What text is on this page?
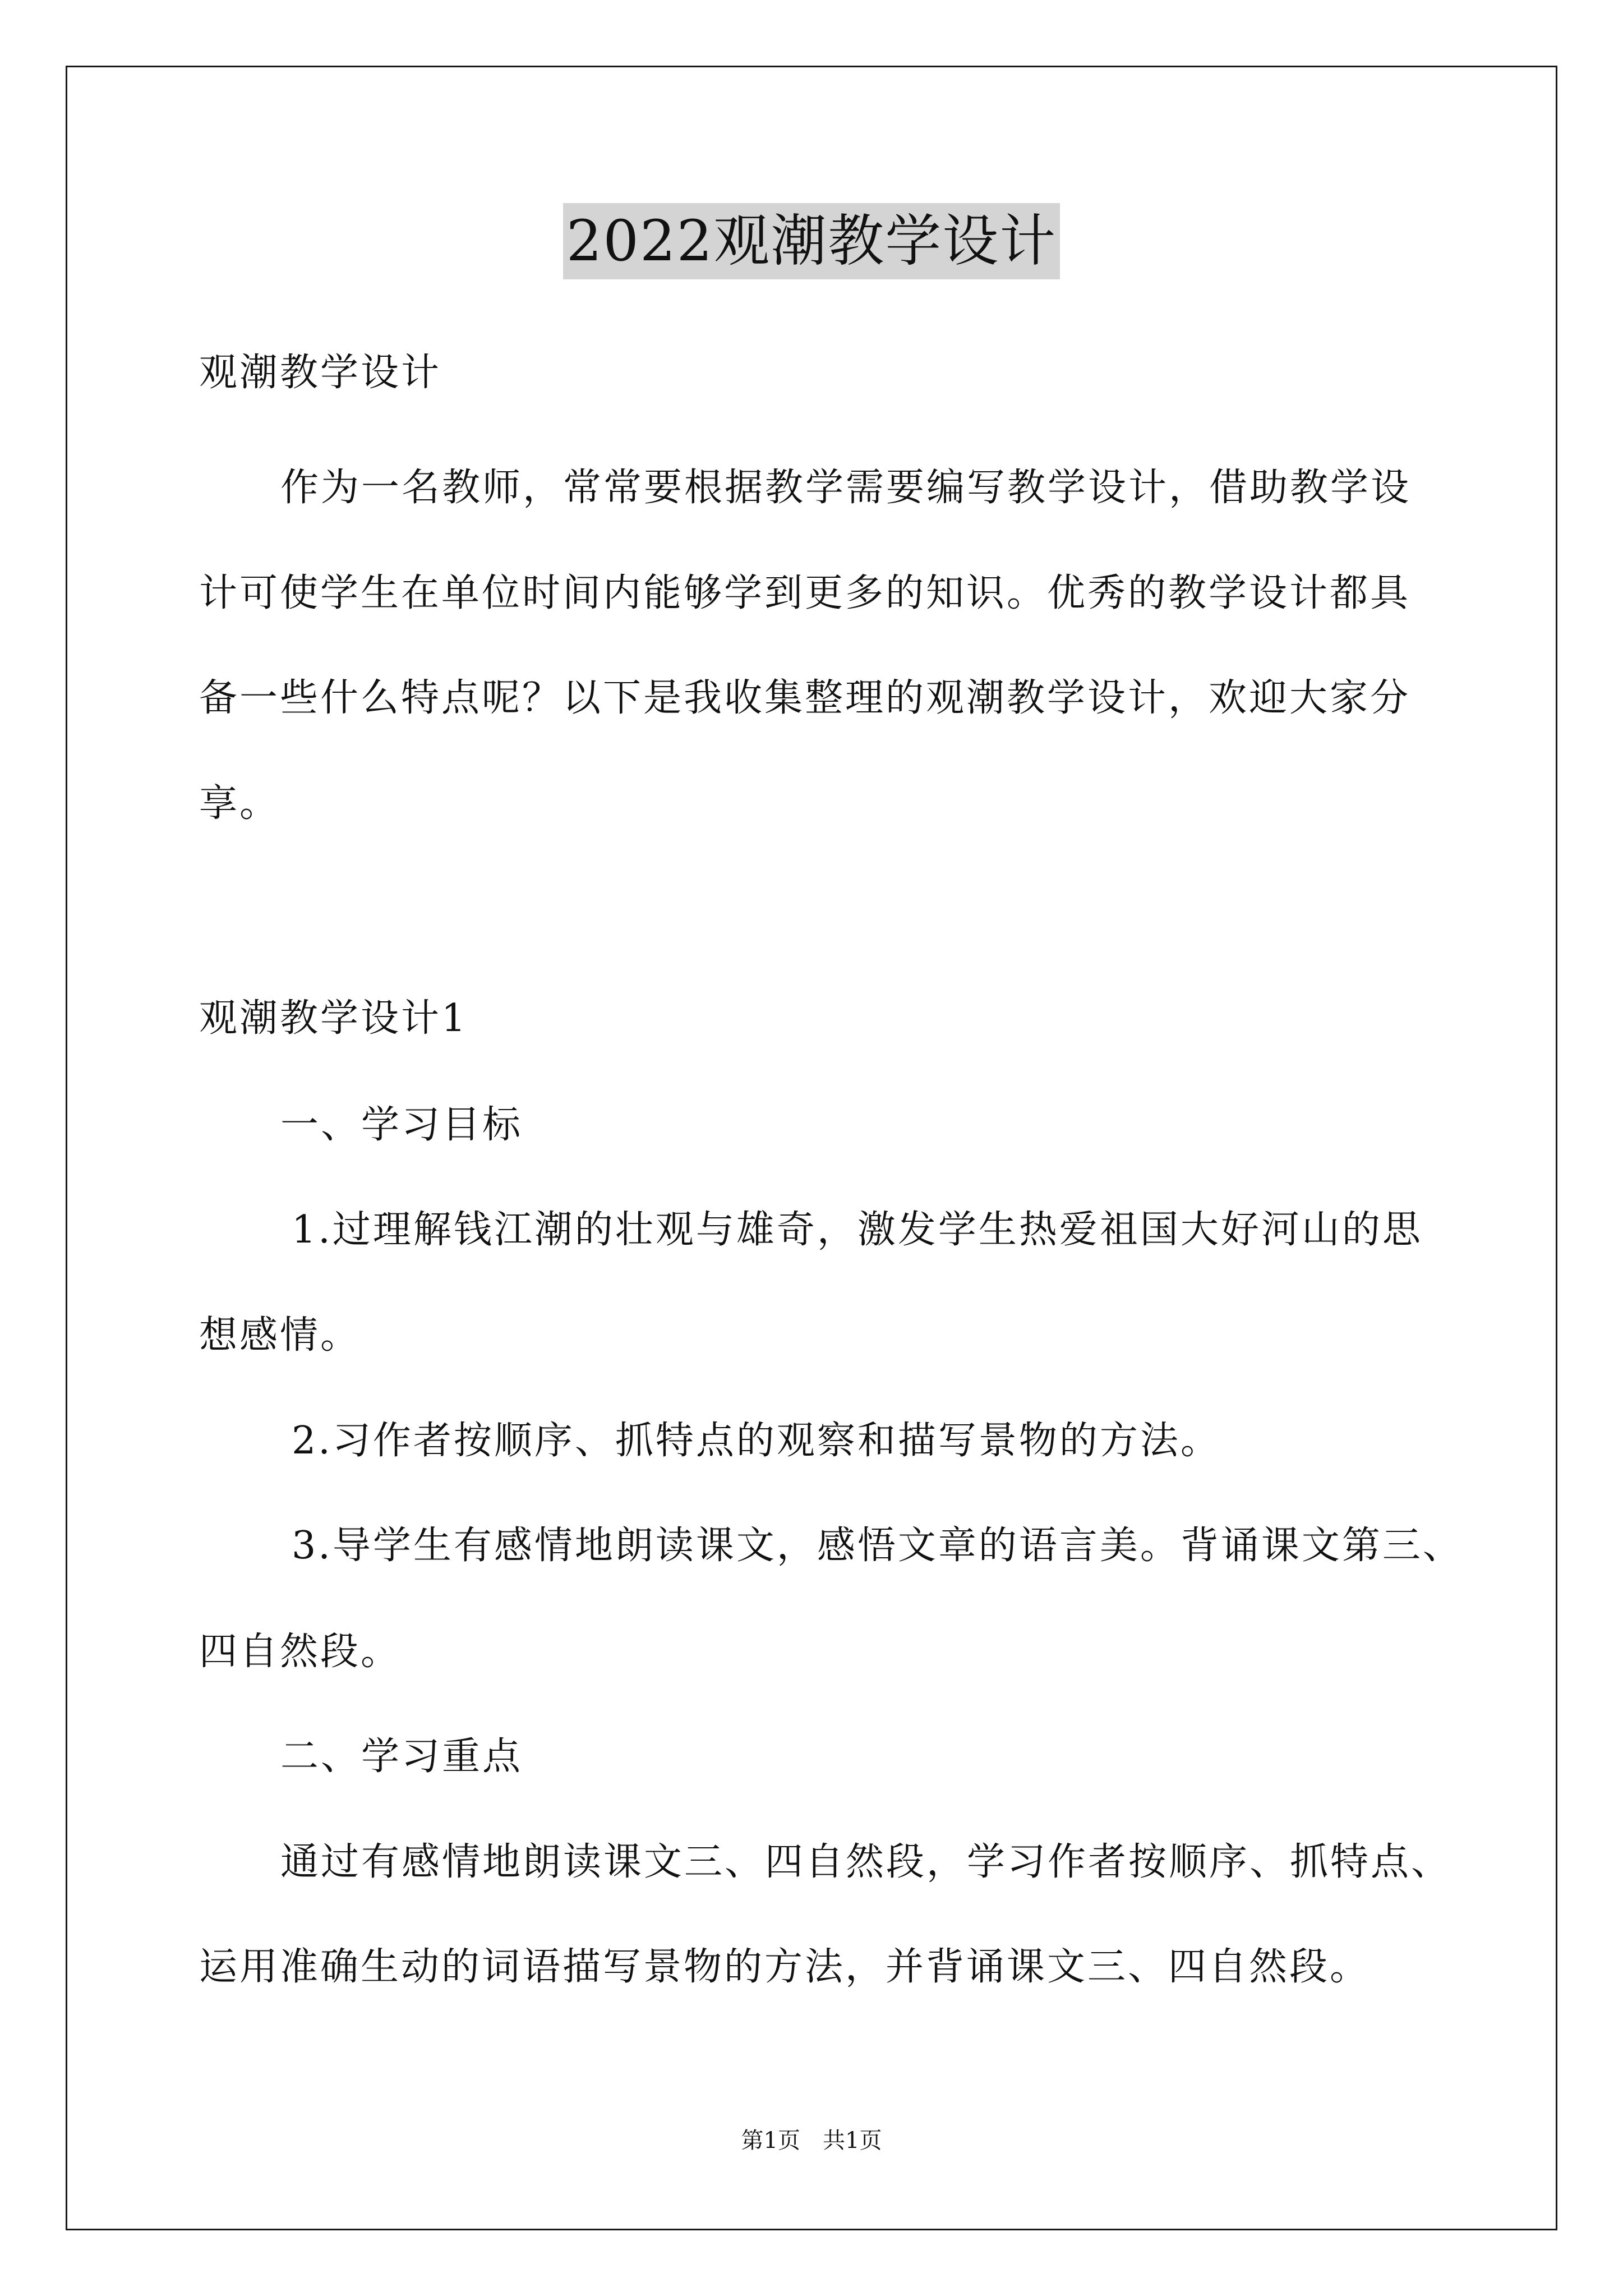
2022观潮教学设计
观潮教学设计
作为一名教师，常常要根据教学需要编写教学设计，借助教学设
计可使学生在单位时间内能够学到更多的知识。优秀的教学设计都具
备一些什么特点呢？以下是我收集整理的观潮教学设计，欢迎大家分
享。
观潮教学设计1
一、学习目标
1.过理解钱江潮的壮观与雄奇，激发学生热爱祖国大好河山的思
想感情。
2.习作者按顺序、抓特点的观察和描写景物的方法。
3.导学生有感情地朗读课文，感悟文章的语言美。背诵课文第三、
四自然段。
二、学习重点
通过有感情地朗读课文三、四自然段，学习作者按顺序、抓特点、
运用准确生动的词语描写景物的方法，并背诵课文三、四自然段。
第1页　共1页
